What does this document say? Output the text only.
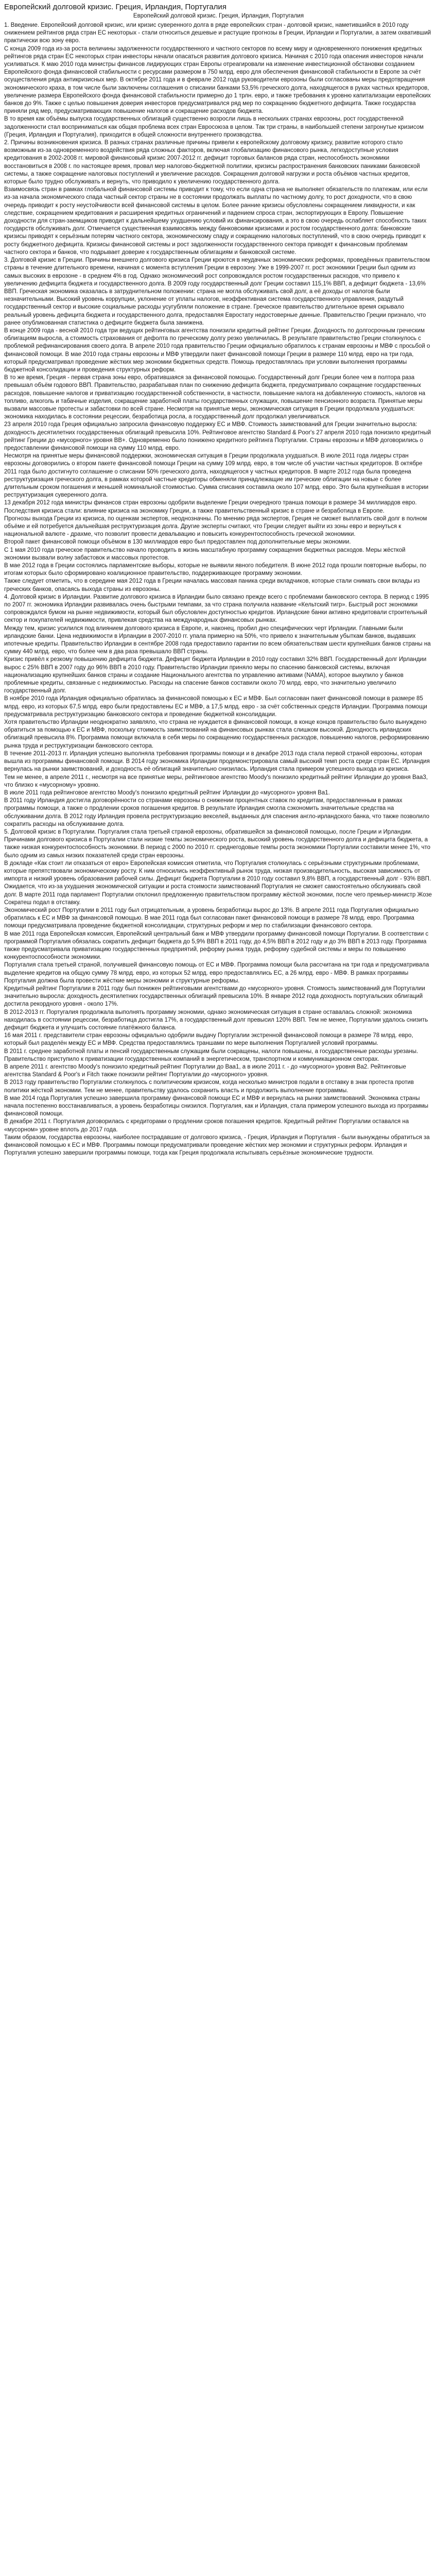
Европейский долговой кризис. Греция, Ирландия, Португалия
Европейский долговой кризис. Греция, Ирландия, Португалия

1. Введение. Европейский долговой кризис, или кризис суверенного долга в ряде европейских стран - долговой кризис, наметившийся в 2010 году снижением рейтингов ряда стран ЕС некоторых - стали относиться дешевые и растущие прогнозы в Греции, Ирландии и Португалии, а затем охвативший практически всю зону евро.

С конца 2009 года из-за роста величины задолженности государственного и частного секторов по всему миру и одновременного понижения кредитных рейтингов ряда стран ЕС некоторых стран инвесторы начали опасаться развития долгового кризиса. Начиная с 2010 года опасения инвесторов начали усиливаться. К маю 2010 года министры финансов лидирующих стран Европы отреагировали на изменение инвестиционной обстановки созданием Европейского фонда финансовой стабильности с ресурсами размером в 750 млрд. евро для обеспечения финансовой стабильности в Европе за счёт осуществления ряда антикризисных мер. В октябре 2011 года и в феврале 2012 года руководители еврозоны были согласованы меры предотвращения экономического краха, в том числе были заключены соглашения о списании банками 53,5% греческого долга, находящегося в руках частных кредиторов, увеличение размера Европейского фонда финансовой стабильности примерно до 1 трлн. евро, и также требования к уровню капитализации европейских банков до 9%. Также с целью повышения доверия инвесторов предусматривался ряд мер по сокращению бюджетного дефицита. Также государства приняли ряд мер, предусматривающих повышение налогов и сокращение расходов бюджета.

В то время как объёмы выпуска государственных облигаций существенно возросли лишь в нескольких странах еврозоны, рост государственной задолженности стал восприниматься как общая проблема всех стран Евросоюза в целом. Так три страны, в наибольшей степени затронутые кризисом (Греция, Ирландия и Португалия), приходится в общей сложности внутреннего производства.

2. Причины возникновения кризиса. В разных странах различные причины привели к европейскому долговому кризису, развитие которого стало возможным из-за одновременного воздействия ряда сложных факторов, включая глобализацию финансового рынка, легкодоступные условия кредитования в 2002-2008 гг. мировой финансовый кризис 2007-2012 гг. дефицит торговых балансов ряда стран, неспособность экономики восстановиться в 2008 г. по настоящее время, провал мер налогово-бюджетной политики, кризисы распространения банковских паниками банковской системы, а также сокращение налоговых поступлений и увеличение расходов. Сокращения долговой нагрузки и роста объёмов частных кредитов, которые было трудно обслуживать и вернуть, что приводило к увеличению государственного долга.

Взаимосвязь стран в рамках глобальной финансовой системы приводит к тому, что если одна страна не выполняет обязательств по платежам, или если из-за начала экономического спада частный сектор страны не в состоянии продолжать выплаты по частному долгу, то рост доходности, что в свою очередь приводит к росту неустойчивости всей финансовой системы в целом. Более ранние кризисы обусловлены сокращением ликвидности, и как следствие, сокращением кредитования и расширения кредитных ограничений и падением спроса стран, экспортирующих в Европу. Повышение доходности для стран-заемщиков приводит к дальнейшему ухудшению условий их финансирования, а это в свою очередь ослабляет способность таких государств обслуживать долг. Отмечается существенная взаимосвязь между банковскими кризисами и ростом государственного долга: банковские кризисы приводят к серьёзным потерям частного сектора, экономическому спаду и сокращению налоговых поступлений, что в свою очередь приводит к росту бюджетного дефицита. Кризисы финансовой системы и рост задолженности государственного сектора приводят к финансовым проблемам частного сектора и банков, что подрывает доверие к государственным облигациям и банковской системе.

3. Долговой кризис в Греции. Причины внешнего долгового кризиса Греции кроются в неудачных экономических реформах, проведённых правительством страны в течение длительного времени, начиная с момента вступления Греции в еврозону. Уже в 1999-2007 гг. рост экономики Греции был одним из самых высоких в еврозоне - в среднем 4% в год. Однако экономический рост сопровождался ростом государственных расходов, что привело к увеличению дефицита бюджета и государственного долга. В 2009 году государственный долг Греции составил 115,1% ВВП, а дефицит бюджета - 13,6% ВВП. Греческая экономика оказалась в затруднительном положении: страна не могла обслуживать свой долг, а её доходы от налогов были незначительными. Высокий уровень коррупции, уклонение от уплаты налогов, неэффективная система государственного управления, раздутый государственный сектор и высокие социальные расходы усугубляли положение в стране. Греческое правительство длительное время скрывало реальный уровень дефицита бюджета и государственного долга, предоставляя Евростату недостоверные данные. Правительство Греции признало, что ранее опубликованная статистика о дефиците бюджета была занижена.

В конце 2009 года - весной 2010 года три ведущих рейтинговых агентства понизили кредитный рейтинг Греции. Доходность по долгосрочным греческим облигациям выросла, а стоимость страхования от дефолта по греческому долгу резко увеличилась. В результате правительство Греции столкнулось с проблемой рефинансирования своего долга. В апреле 2010 года правительство Греции официально обратилось к странам еврозоны и МВФ с просьбой о финансовой помощи. В мае 2010 года страны еврозоны и МВФ утвердили пакет финансовой помощи Греции в размере 110 млрд. евро на три года, который предусматривал проведение жёстких мер экономии бюджетных средств. Помощь предоставлялась при условии выполнения программы бюджетной консолидации и проведения структурных реформ.

В то же время, Греция - первая страна зоны евро, обратившаяся за финансовой помощью. Государственный долг Греции более чем в полтора раза превышал объём годового ВВП. Правительство, разрабатывая план по снижению дефицита бюджета, предусматривало сокращение государственных расходов, повышение налогов и приватизацию государственной собственности, в частности, повышение налога на добавленную стоимость, налогов на топливо, алкоголь и табачные изделия, сокращение заработной платы государственных служащих, повышение пенсионного возраста. Принятые меры вызвали массовые протесты и забастовки по всей стране. Несмотря на принятые меры, экономическая ситуация в Греции продолжала ухудшаться: экономика находилась в состоянии рецессии, безработица росла, а государственный долг продолжал увеличиваться.

23 апреля 2010 года Греция официально запросила финансовую поддержку ЕС и МВФ. Стоимость заимствований для Греции значительно выросла: доходность десятилетних государственных облигаций превысила 10%. Рейтинговое агентство Standard & Poor's 27 апреля 2010 года понизило кредитный рейтинг Греции до «мусорного» уровня BB+. Одновременно было понижено кредитного рейтинга Португалии. Страны еврозоны и МВФ договорились о предоставлении финансовой помощи на сумму 110 млрд. евро.

Несмотря на принятые меры финансовой поддержки, экономическая ситуация в Греции продолжала ухудшаться. В июле 2011 года лидеры стран еврозоны договорились о втором пакете финансовой помощи Греции на сумму 109 млрд. евро, в том числе об участии частных кредиторов. В октябре 2011 года было достигнуто соглашение о списании 50% греческого долга, находящегося у частных кредиторов. В марте 2012 года была проведена реструктуризация греческого долга, в рамках которой частные кредиторы обменяли принадлежащие им греческие облигации на новые с более длительным сроком погашения и меньшей номинальной стоимостью. Сумма списания составила около 107 млрд. евро. Это была крупнейшая в истории реструктуризация суверенного долга.

13 декабря 2012 года министры финансов стран еврозоны одобрили выделение Греции очередного транша помощи в размере 34 миллиардов евро.

Последствия кризиса стали: влияние кризиса на экономику Греции, а также правительственный кризис в стране и безработица в Европе.

Прогнозы выхода Греции из кризиса, по оценкам экспертов, неоднозначны. По мнению ряда экспертов, Греция не сможет выплатить свой долг в полном объёме и ей потребуется дальнейшая реструктуризация долга. Другие эксперты считают, что Греции следует выйти из зоны евро и вернуться к национальной валюте - драхме, что позволит провести девальвацию и повысить конкурентоспособность греческой экономики.

Второй пакет финансовой помощи объёмом в 130 миллиардов евро был предоставлен под дополнительные меры экономии.

С 1 мая 2010 года греческое правительство начало проводить в жизнь масштабную программу сокращения бюджетных расходов. Меры жёсткой экономии вызвали волну забастовок и массовых протестов.

В мае 2012 года в Греции состоялись парламентские выборы, которые не выявили явного победителя. В июне 2012 года прошли повторные выборы, по итогам которых было сформировано коалиционное правительство, поддерживающее программу экономии.

Также следует отметить, что в середине мая 2012 года в Греции началась массовая паника среди вкладчиков, которые стали снимать свои вклады из греческих банков, опасаясь выхода страны из еврозоны.

4. Долговой кризис в Ирландии. Развитие долгового кризиса в Ирландии было связано прежде всего с проблемами банковского сектора. В период с 1995 по 2007 гг. экономика Ирландии развивалась очень быстрыми темпами, за что страна получила название «Кельтский тигр». Быстрый рост экономики сопровождался бумом на рынке недвижимости, который был обусловлен доступностью кредитов. Ирландские банки активно кредитовали строительный сектор и покупателей недвижимости, привлекая средства на международных финансовых рынках.

Между тем, кризис усилился под влиянием долгового кризиса в Европе, и, наконец, пробил дно специфических черт Ирландии. Главными были ирландские банки. Цена недвижимости в Ирландии в 2007-2010 гг. упала примерно на 50%, что привело к значительным убыткам банков, выдавших ипотечные кредиты. Правительство Ирландии в сентябре 2008 года предоставило гарантии по всем обязательствам шести крупнейших банков страны на сумму 440 млрд. евро, что более чем в два раза превышало ВВП страны.

Кризис привёл к резкому повышению дефицита бюджета. Дефицит бюджета Ирландии в 2010 году составил 32% ВВП. Государственный долг Ирландии вырос с 25% ВВП в 2007 году до 96% ВВП в 2010 году. Правительство Ирландии приняло меры по спасению банковской системы, включая национализацию крупнейших банков страны и создание Национального агентства по управлению активами (NAMA), которое выкупило у банков проблемные кредиты, связанные с недвижимостью. Расходы на спасение банков составили около 70 млрд. евро, что значительно увеличило государственный долг.

В ноябре 2010 года Ирландия официально обратилась за финансовой помощью к ЕС и МВФ. Был согласован пакет финансовой помощи в размере 85 млрд. евро, из которых 67,5 млрд. евро были предоставлены ЕС и МВФ, а 17,5 млрд. евро - за счёт собственных средств Ирландии. Программа помощи предусматривала реструктуризацию банковского сектора и проведение бюджетной консолидации.

Хотя правительство Ирландии неоднократно заявляло, что страна не нуждается в финансовой помощи, в конце концов правительство было вынуждено обратиться за помощью к ЕС и МВФ, поскольку стоимость заимствований на финансовых рынках стала слишком высокой. Доходность ирландских облигаций превысила 8%. Программа помощи включала в себя меры по сокращению государственных расходов, повышению налогов, реформированию рынка труда и реструктуризации банковского сектора.

В течение 2011-2013 гг. Ирландия успешно выполняла требования программы помощи и в декабре 2013 года стала первой страной еврозоны, которая вышла из программы финансовой помощи. В 2014 году экономика Ирландии продемонстрировала самый высокий темп роста среди стран ЕС. Ирландия вернулась на рынки заимствований, и доходность её облигаций значительно снизилась. Ирландия стала примером успешного выхода из кризиса.

Тем не менее, в апреле 2011 г., несмотря на все принятые меры, рейтинговое агентство Moody's понизило кредитный рейтинг Ирландии до уровня Baa3, что близко к «мусорному» уровню.

В июле 2011 года рейтинговое агентство Moody's понизило кредитный рейтинг Ирландии до «мусорного» уровня Ba1.

В 2011 году Ирландия достигла договорённости со странами еврозоны о снижении процентных ставок по кредитам, предоставленным в рамках программы помощи, а также о продлении сроков погашения кредитов. В результате Ирландия смогла сэкономить значительные средства на обслуживании долга. В 2012 году Ирландия провела реструктуризацию векселей, выданных для спасения англо-ирландского банка, что также позволило сократить расходы на обслуживание долга.

5. Долговой кризис в Португалии. Португалия стала третьей страной еврозоны, обратившейся за финансовой помощью, после Греции и Ирландии. Причинами долгового кризиса в Португалии стали низкие темпы экономического роста, высокий уровень государственного долга и дефицита бюджета, а также низкая конкурентоспособность экономики. В период с 2000 по 2010 гг. среднегодовые темпы роста экономики Португалии составили менее 1%, что было одним из самых низких показателей среди стран еврозоны.

В докладе «Как стоит ли отказаться от евро» Европейская комиссия отметила, что Португалия столкнулась с серьёзными структурными проблемами, которые препятствовали экономическому росту. К ним относились неэффективный рынок труда, низкая производительность, высокая зависимость от импорта и низкий уровень образования рабочей силы. Дефицит бюджета Португалии в 2010 году составил 9,8% ВВП, а государственный долг - 93% ВВП.

Ожидается, что из-за ухудшения экономической ситуации и роста стоимости заимствований Португалия не сможет самостоятельно обслуживать свой долг. В марте 2011 года парламент Португалии отклонил предложенную правительством программу жёсткой экономии, после чего премьер-министр Жозе Сократеш подал в отставку.

Экономический рост Португалии в 2011 году был отрицательным, а уровень безработицы вырос до 13%. В апреле 2011 года Португалия официально обратилась к ЕС и МВФ за финансовой помощью. В мае 2011 года был согласован пакет финансовой помощи в размере 78 млрд. евро. Программа помощи предусматривала проведение бюджетной консолидации, структурных реформ и мер по стабилизации финансового сектора.

В мае 2011 года Европейская комиссия, Европейский центральный банк и МВФ утвердили программу финансовой помощи Португалии. В соответствии с программой Португалия обязалась сократить дефицит бюджета до 5,9% ВВП в 2011 году, до 4,5% ВВП в 2012 году и до 3% ВВП в 2013 году. Программа также предусматривала приватизацию государственных предприятий, реформу рынка труда, реформу судебной системы и меры по повышению конкурентоспособности экономики.

Португалия стала третьей страной, получившей финансовую помощь от ЕС и МВФ. Программа помощи была рассчитана на три года и предусматривала выделение кредитов на общую сумму 78 млрд. евро, из которых 52 млрд. евро предоставлялись ЕС, а 26 млрд. евро - МВФ. В рамках программы Португалия должна была провести жёсткие меры экономии и структурные реформы.

Кредитный рейтинг Португалии в 2011 году был понижен рейтинговыми агентствами до «мусорного» уровня. Стоимость заимствований для Португалии значительно выросла: доходность десятилетних государственных облигаций превысила 10%. В январе 2012 года доходность португальских облигаций достигла рекордного уровня - около 17%.

В 2012-2013 гг. Португалия продолжала выполнять программу экономии, однако экономическая ситуация в стране оставалась сложной: экономика находилась в состоянии рецессии, безработица достигла 17%, а государственный долг превысил 120% ВВП. Тем не менее, Португалии удалось снизить дефицит бюджета и улучшить состояние платёжного баланса.

16 мая 2011 г. представители стран еврозоны официально одобрили выдачу Португалии экстренной финансовой помощи в размере 78 млрд. евро, который был разделён между ЕС и МВФ. Средства предоставлялись траншами по мере выполнения Португалией условий программы.

В 2011 г. среднее заработной платы и пенсий государственным служащим были сокращены, налоги повышены, а государственные расходы урезаны. Правительство приступило к приватизации государственных компаний в энергетическом, транспортном и коммуникационном секторах.

В апреле 2011 г. агентство Moody's понизило кредитный рейтинг Португалии до Baa1, а в июле 2011 г. - до «мусорного» уровня Ba2. Рейтинговые агентства Standard & Poor's и Fitch также понизили рейтинг Португалии до «мусорного» уровня.

В 2013 году правительство Португалии столкнулось с политическим кризисом, когда несколько министров подали в отставку в знак протеста против политики жёсткой экономии. Тем не менее, правительству удалось сохранить власть и продолжить выполнение программы.

В мае 2014 года Португалия успешно завершила программу финансовой помощи ЕС и МВФ и вернулась на рынки заимствований. Экономика страны начала постепенно восстанавливаться, а уровень безработицы снизился. Португалия, как и Ирландия, стала примером успешного выхода из программы финансовой помощи.

В декабре 2011 г. Португалия договорилась с кредиторами о продлении сроков погашения кредитов. Кредитный рейтинг Португалии оставался на «мусорном» уровне вплоть до 2017 года.

Таким образом, государства еврозоны, наиболее пострадавшие от долгового кризиса, - Греция, Ирландия и Португалия - были вынуждены обратиться за финансовой помощью к ЕС и МВФ. Программы помощи предусматривали проведение жёстких мер экономии и структурных реформ. Ирландия и Португалия успешно завершили программы помощи, тогда как Греция продолжала испытывать серьёзные экономические трудности.
